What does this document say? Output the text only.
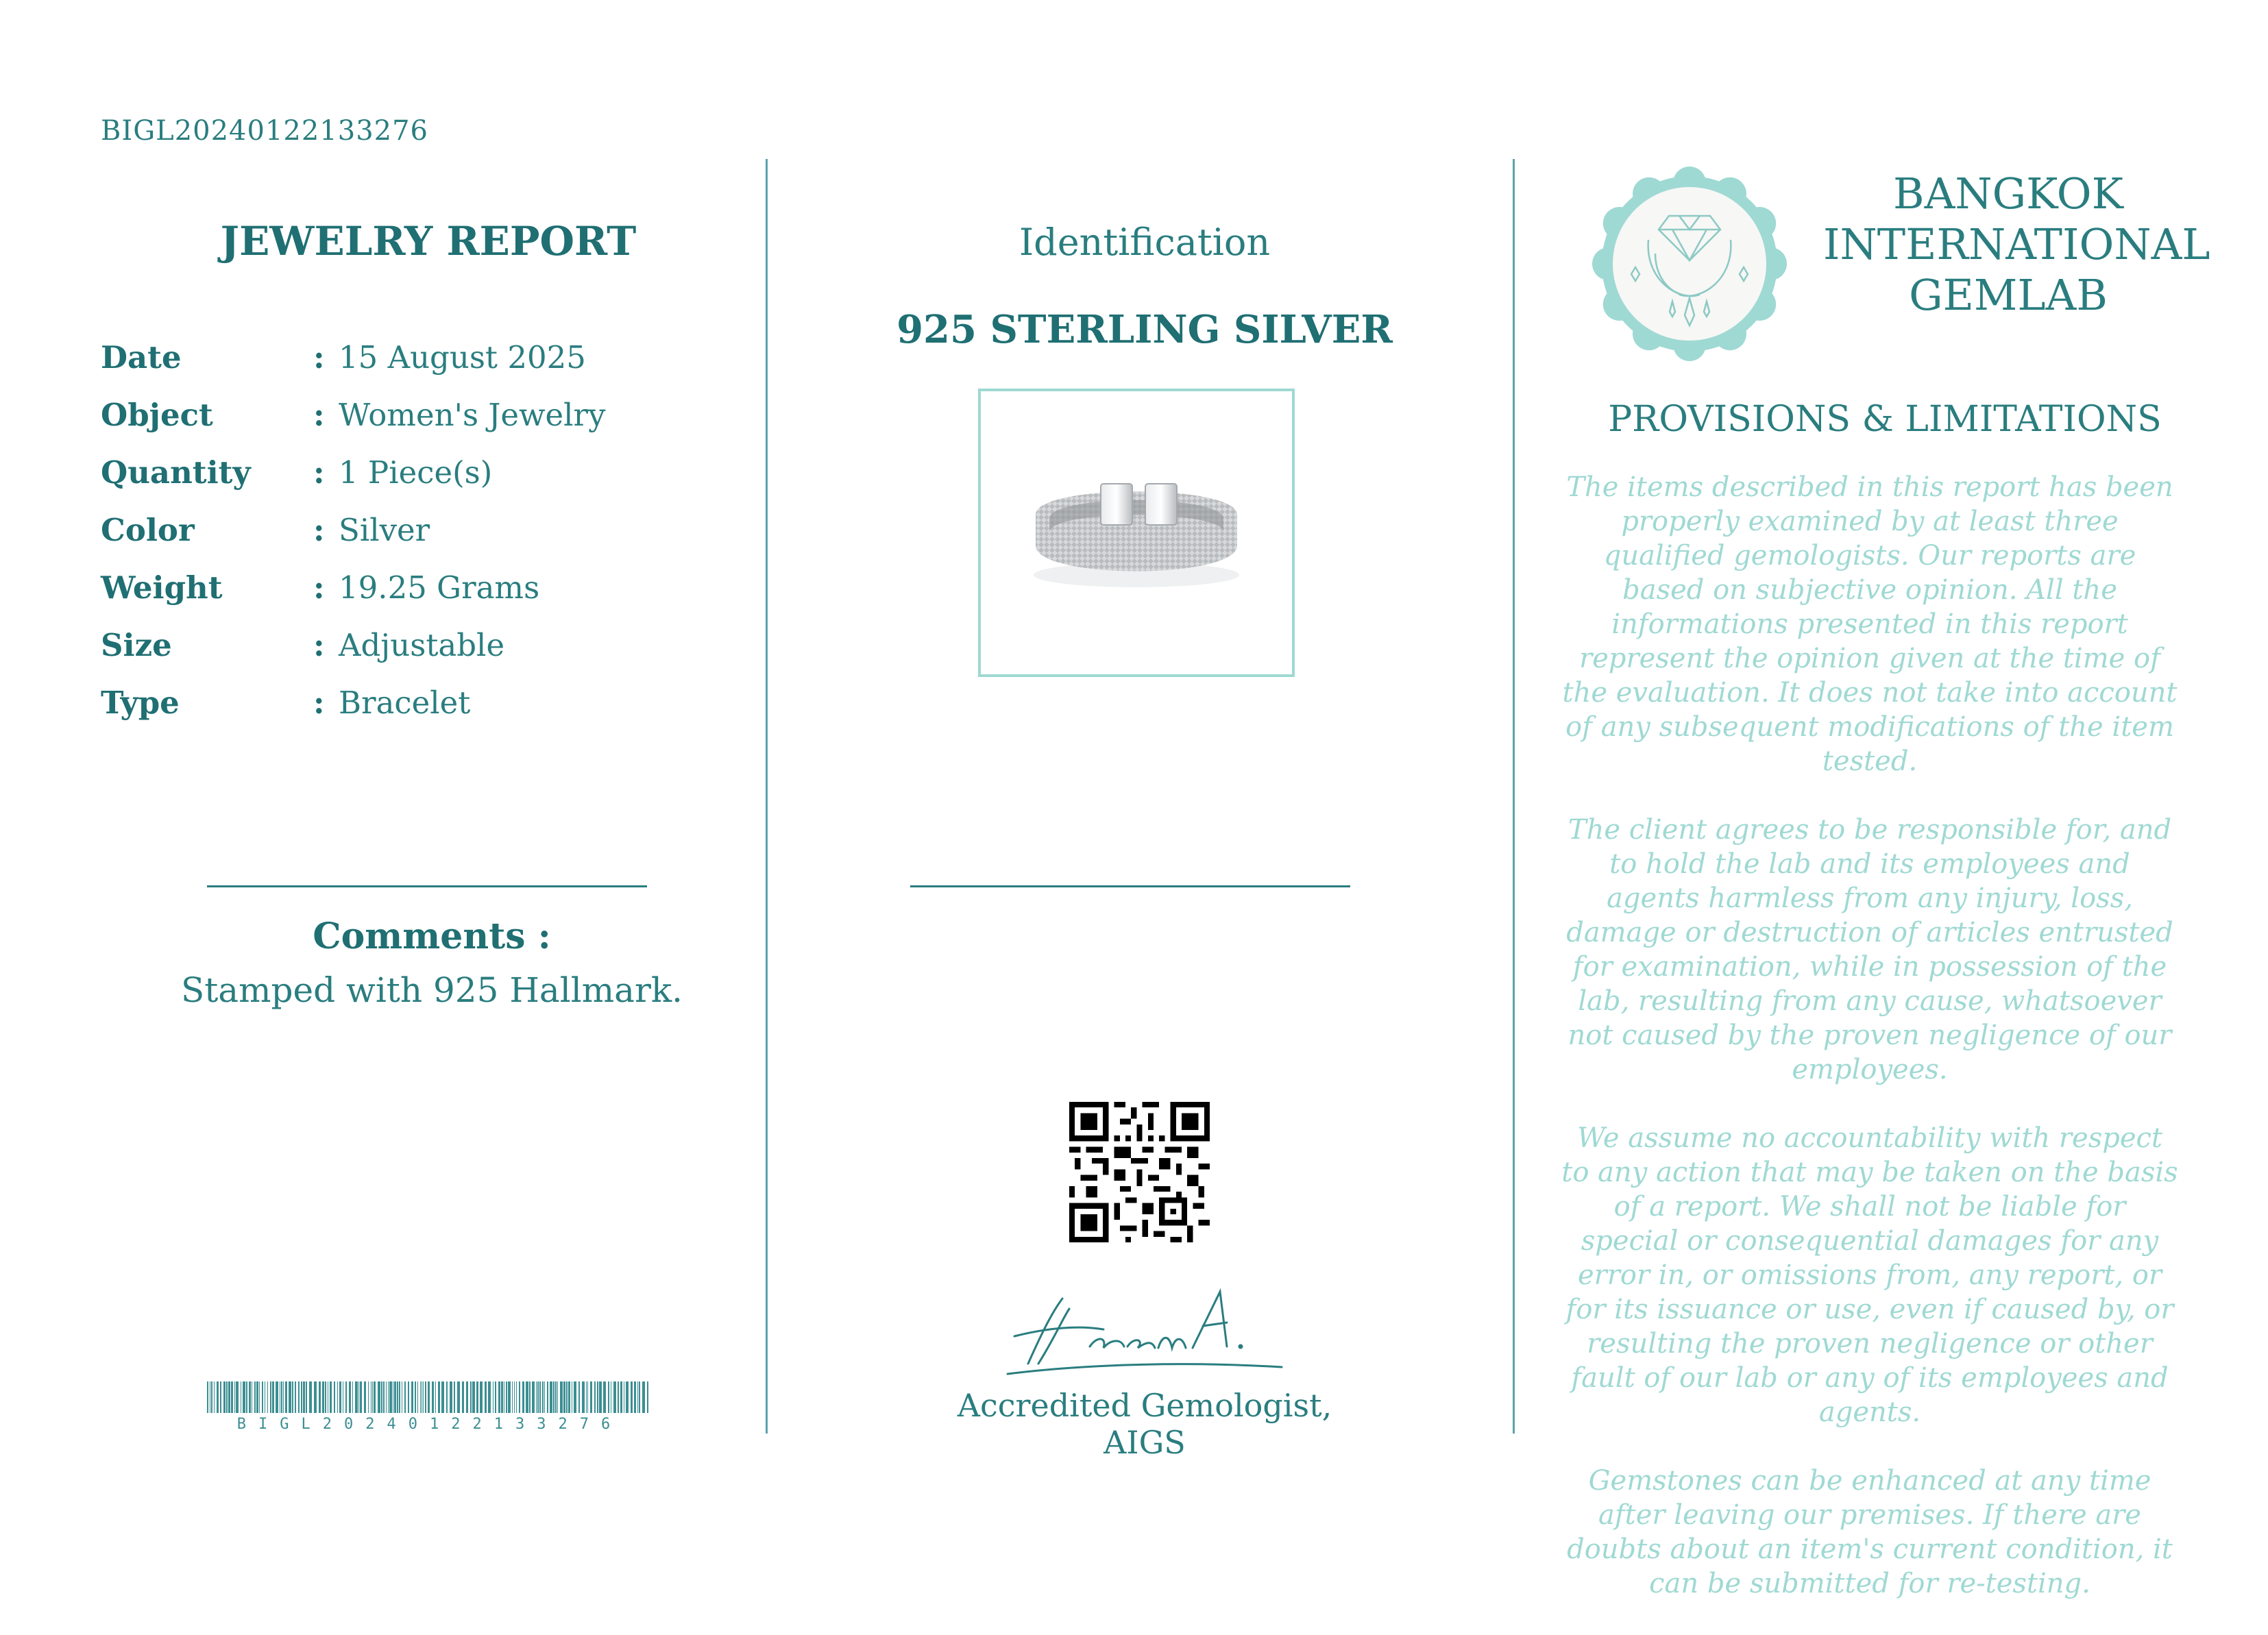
BIGL20240122133276
JEWELRY REPORT
Date	: 15 August 2025
Object	: Women's Jewelry
Quantity : 1 Piece(s)
Color	: Silver
Weight	: 19.25 Grams
Size	: Adjustable
Type	: Bracelet
Comments :
Stamped with 925 Hallmark.
BIGL20240122133276
Identification
925 STERLING SILVER
Accredited Gemologist, AIGS
BANGKOK
INTERNATIONAL
GEMLAB
PROVISIONS & LIMITATIONS

The items described in this report has been properly examined by at least three qualified gemologists. Our reports are based on subjective opinion. All the informations presented in this report represent the opinion given at the time of the evaluation. It does not take into account of any subsequent modifications of the item tested.

The client agrees to be responsible for, and to hold the lab and its employees and agents harmless from any injury, loss, damage or destruction of articles entrusted for examination, while in possession of the lab, resulting from any cause, whatsoever not caused by the proven negligence of our employees.

We assume no accountability with respect to any action that may be taken on the basis of a report. We shall not be liable for special or consequential damages for any error in, or omissions from, any report, or for its issuance or use, even if caused by, or resulting the proven negligence or other fault of our lab or any of its employees and agents.

Gemstones can be enhanced at any time after leaving our premises. If there are doubts about an item's current condition, it can be submitted for re-testing.
